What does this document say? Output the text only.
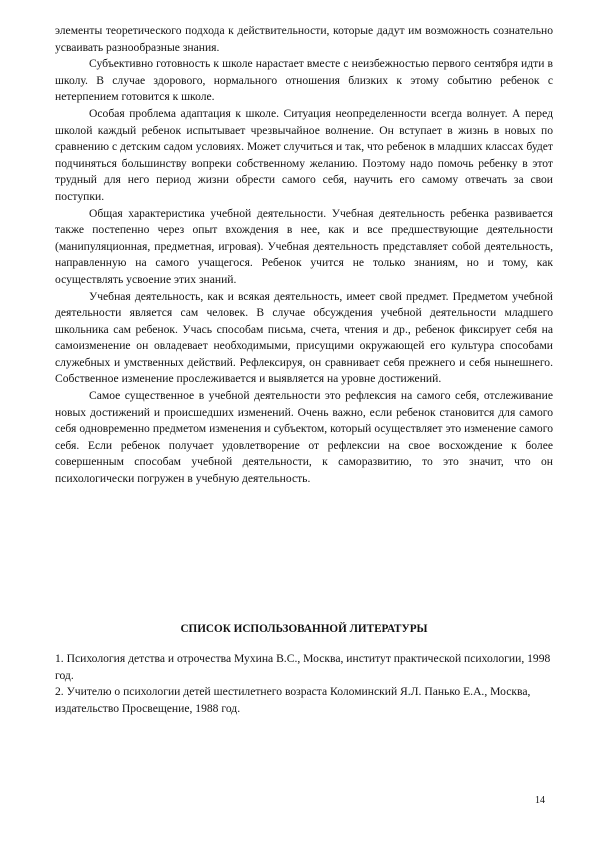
элементы теоретического подхода к действительности, которые дадут им возможность сознательно усваивать разнообразные знания.

Субъективно готовность к школе нарастает вместе с неизбежностью первого сентября идти в школу. В случае здорового, нормального отношения близких к этому событию ребенок с нетерпением готовится к школе.

Особая проблема адаптация к школе. Ситуация неопределенности всегда волнует. А перед школой каждый ребенок испытывает чрезвычайное волнение. Он вступает в жизнь в новых по сравнению с детским садом условиях. Может случиться и так, что ребенок в младших классах будет подчиняться большинству вопреки собственному желанию. Поэтому надо помочь ребенку в этот трудный для него период жизни обрести самого себя, научить его самому отвечать за свои поступки.

Общая характеристика учебной деятельности. Учебная деятельность ребенка развивается также постепенно через опыт вхождения в нее, как и все предшествующие деятельности (манипуляционная, предметная, игровая). Учебная деятельность представляет собой деятельность, направленную на самого учащегося. Ребенок учится не только знаниям, но и тому, как осуществлять усвоение этих знаний.

Учебная деятельность, как и всякая деятельность, имеет свой предмет. Предметом учебной деятельности является сам человек. В случае обсуждения учебной деятельности младшего школьника сам ребенок. Учась способам письма, счета, чтения и др., ребенок фиксирует себя на самоизменение он овладевает необходимыми, присущими окружающей его культура способами служебных и умственных действий. Рефлексируя, он сравнивает себя прежнего и себя нынешнего. Собственное изменение прослеживается и выявляется на уровне достижений.

Самое существенное в учебной деятельности это рефлексия на самого себя, отслеживание новых достижений и происшедших изменений. Очень важно, если ребенок становится для самого себя одновременно предметом изменения и субъектом, который осуществляет это изменение самого себя. Если ребенок получает удовлетворение от рефлексии на свое восхождение к более совершенным способам учебной деятельности, к саморазвитию, то это значит, что он психологически погружен в учебную деятельность.

СПИСОК ИСПОЛЬЗОВАННОЙ ЛИТЕРАТУРЫ

1. Психология детства и отрочества Мухина В.С., Москва, институт практической психологии, 1998 год.

2. Учителю о психологии детей шестилетнего возраста Коломинский Я.Л. Панько Е.А., Москва, издательство Просвещение, 1988 год.

14
